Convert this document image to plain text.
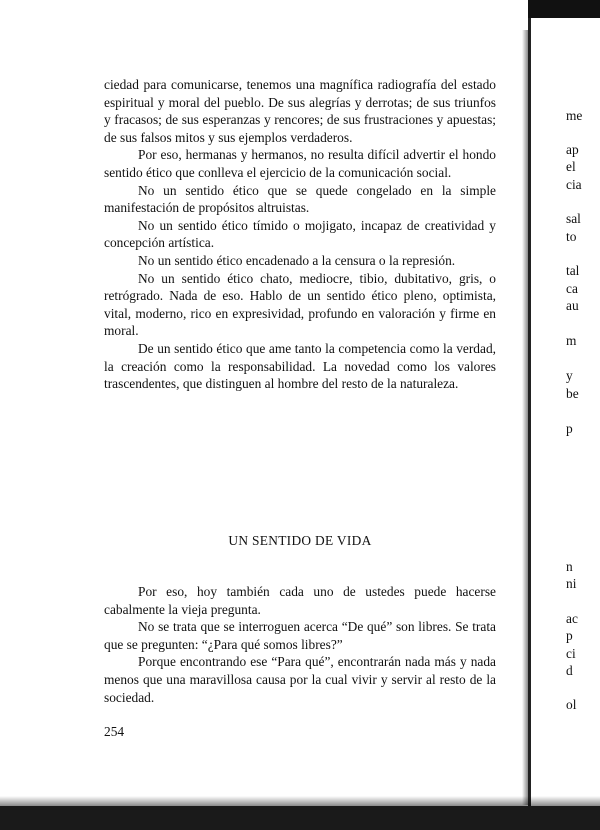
ciedad para comunicarse, tenemos una magnífica radiografía del estado espiritual y moral del pueblo. De sus alegrías y derrotas; de sus triunfos y fracasos; de sus esperanzas y rencores; de sus frustraciones y apuestas; de sus falsos mitos y sus ejemplos verdaderos.

Por eso, hermanas y hermanos, no resulta difícil advertir el hondo sentido ético que conlleva el ejercicio de la comunicación social.

No un sentido ético que se quede congelado en la simple manifestación de propósitos altruistas.

No un sentido ético tímido o mojigato, incapaz de creatividad y concepción artística.

No un sentido ético encadenado a la censura o la represión.

No un sentido ético chato, mediocre, tibio, dubitativo, gris, o retrógrado. Nada de eso. Hablo de un sentido ético pleno, optimista, vital, moderno, rico en expresividad, profundo en valoración y firme en moral.

De un sentido ético que ame tanto la competencia como la verdad, la creación como la responsabilidad. La novedad como los valores trascendentes, que distinguen al hombre del resto de la naturaleza.

UN SENTIDO DE VIDA

Por eso, hoy también cada uno de ustedes puede hacerse cabalmente la vieja pregunta.

No se trata que se interroguen acerca “De qué” son libres. Se trata que se pregunten: “¿Para qué somos libres?”

Porque encontrando ese “Para qué”, encontrarán nada más y nada menos que una maravillosa causa por la cual vivir y servir al resto de la sociedad.

254
me
ap
el
cia
sal
to
tal
ca
au
m
y
be
p
n
ni
ac
p
ci
d
ol
